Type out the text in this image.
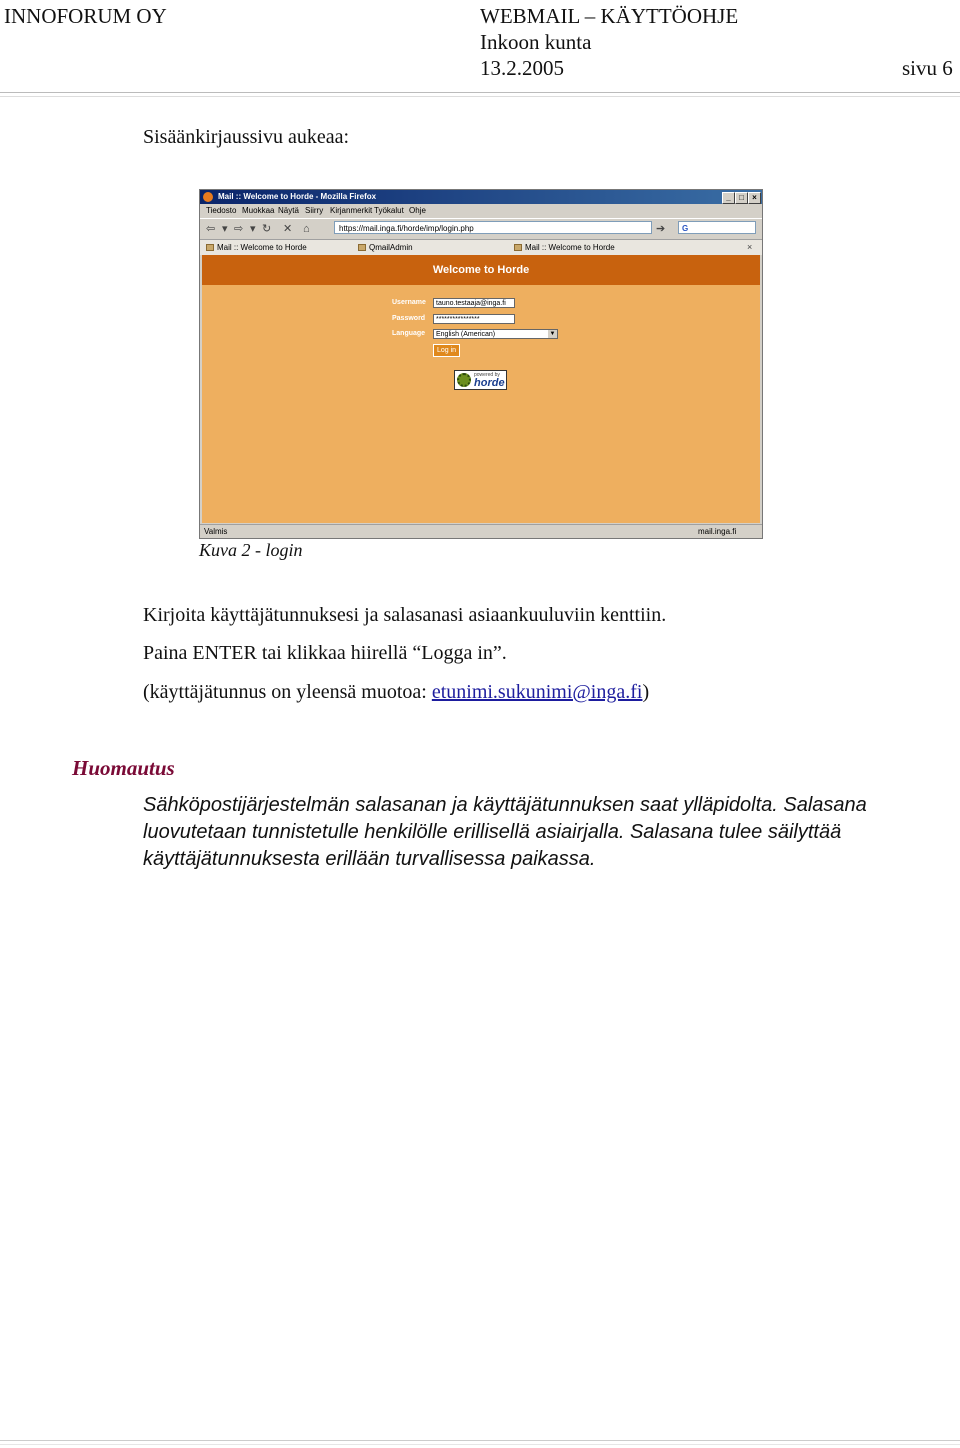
INNOFORUM OY	WEBMAIL – KÄYTTÖOHJE
Inkoon kunta
13.2.2005	sivu 6
Sisäänkirjaussivu aukeaa:
Mail :: Welcome to Horde - Mozilla Firefox	_	□	×
Tiedosto Muokkaa Näytä Siirry Kirjanmerkit Työkalut Ohje
⇦ ▾ ⇨ ▾ ↻ ✕ ⌂	➔
https://mail.inga.fi/horde/imp/login.php	G
Mail :: Welcome to Horde	QmailAdmin	Mail :: Welcome to Horde	×
Welcome to Horde
Username	tauno.testaaja@inga.fi
Password	****************
Language	English (American)	▼
Log in
powered by
horde
Valmis	mail.inga.fi
Kuva 2 - login
Kirjoita käyttäjätunnuksesi ja salasanasi asiaankuuluviin kenttiin.
Paina ENTER tai klikkaa hiirellä “Logga in”.
(käyttäjätunnus on yleensä muotoa: etunimi.sukunimi@inga.fi)
Huomautus
Sähköpostijärjestelmän salasanan ja käyttäjätunnuksen saat ylläpidolta. Salasana luovutetaan tunnistetulle henkilölle erillisellä asiairjalla. Salasana tulee säilyttää käyttäjätunnuksesta erillään turvallisessa paikassa.
